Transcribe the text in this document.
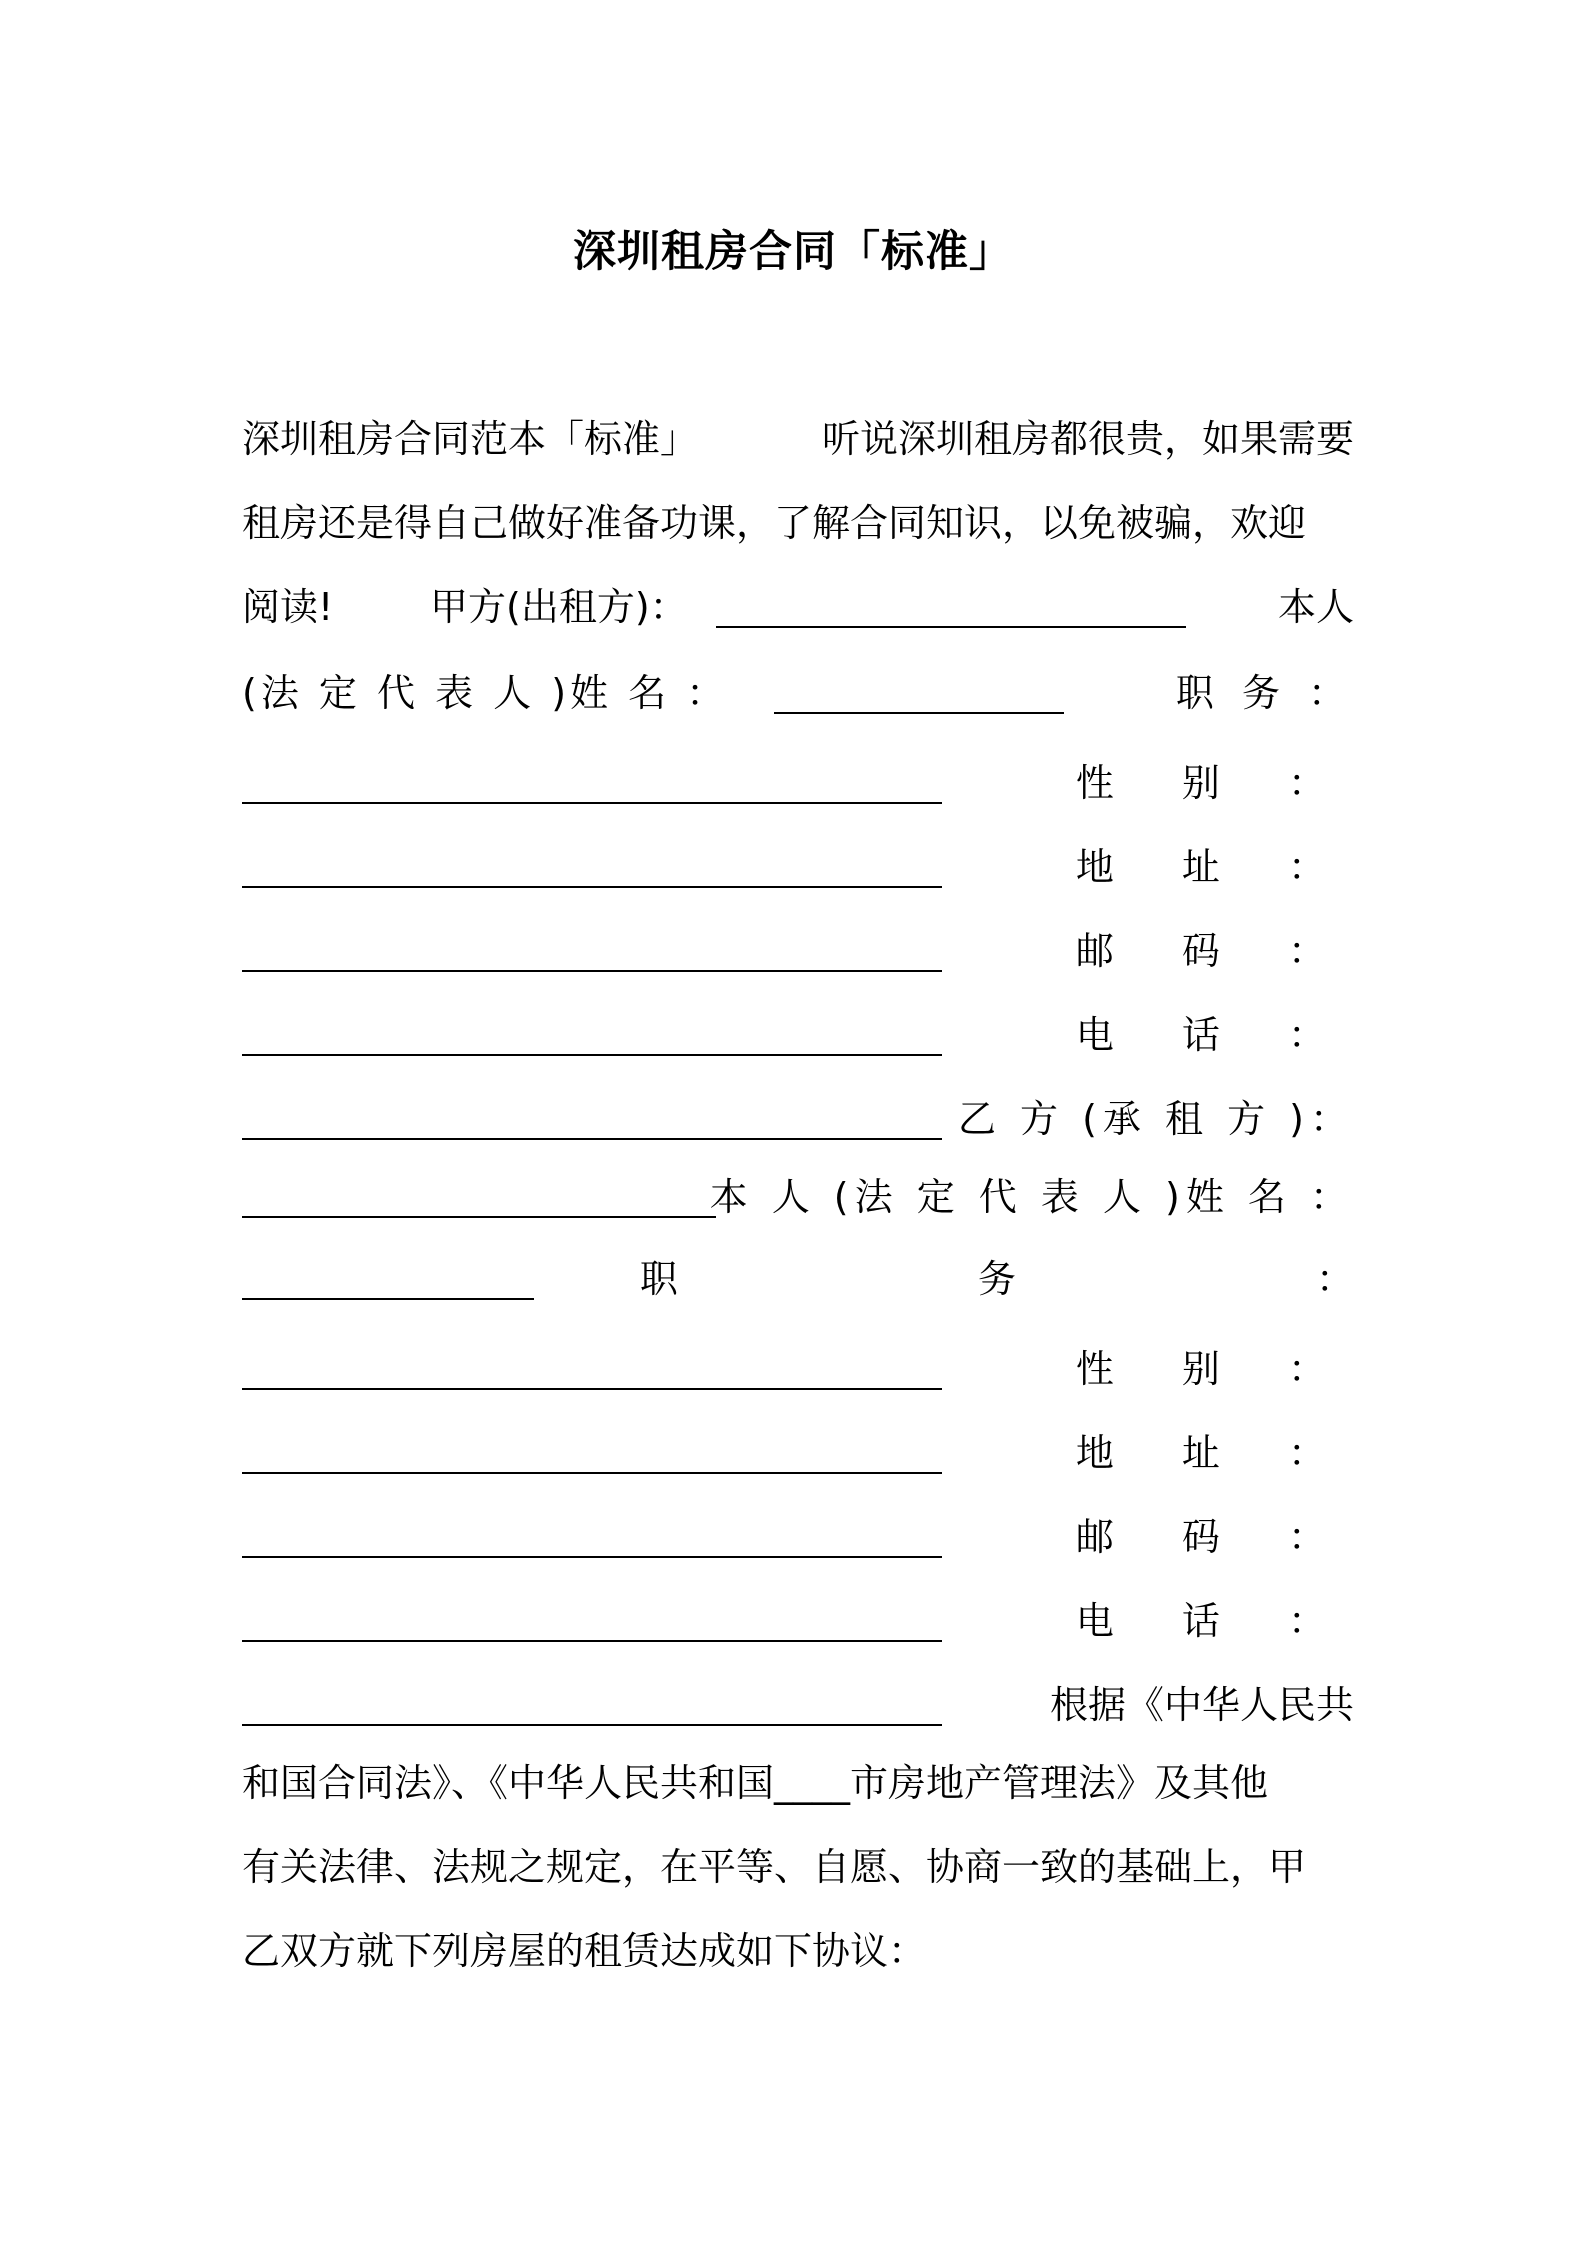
深圳租房合同「标准」
深圳租房合同范本「标准」	听说深圳租房都很贵，如果需要
租房还是得自己做好准备功课，了解合同知识，以免被骗，欢迎
阅读!	甲方(出租方)：	本人
(法 定 代 表 人 )姓 名 ：	职 务 ：
性 别 ：
地 址 ：
邮 码 ：
电 话 ：
乙 方 (承 租 方 )：
本 人 (法 定 代 表 人 )姓 名 ：
职 务 ：
性 别 ：
地 址 ：
邮 码 ：
电 话 ：
根据《中华人民共
和国合同法》、《中华人民共和国____市房地产管理法》及其他
有关法律、法规之规定，在平等、自愿、协商一致的基础上，甲
乙双方就下列房屋的租赁达成如下协议：
